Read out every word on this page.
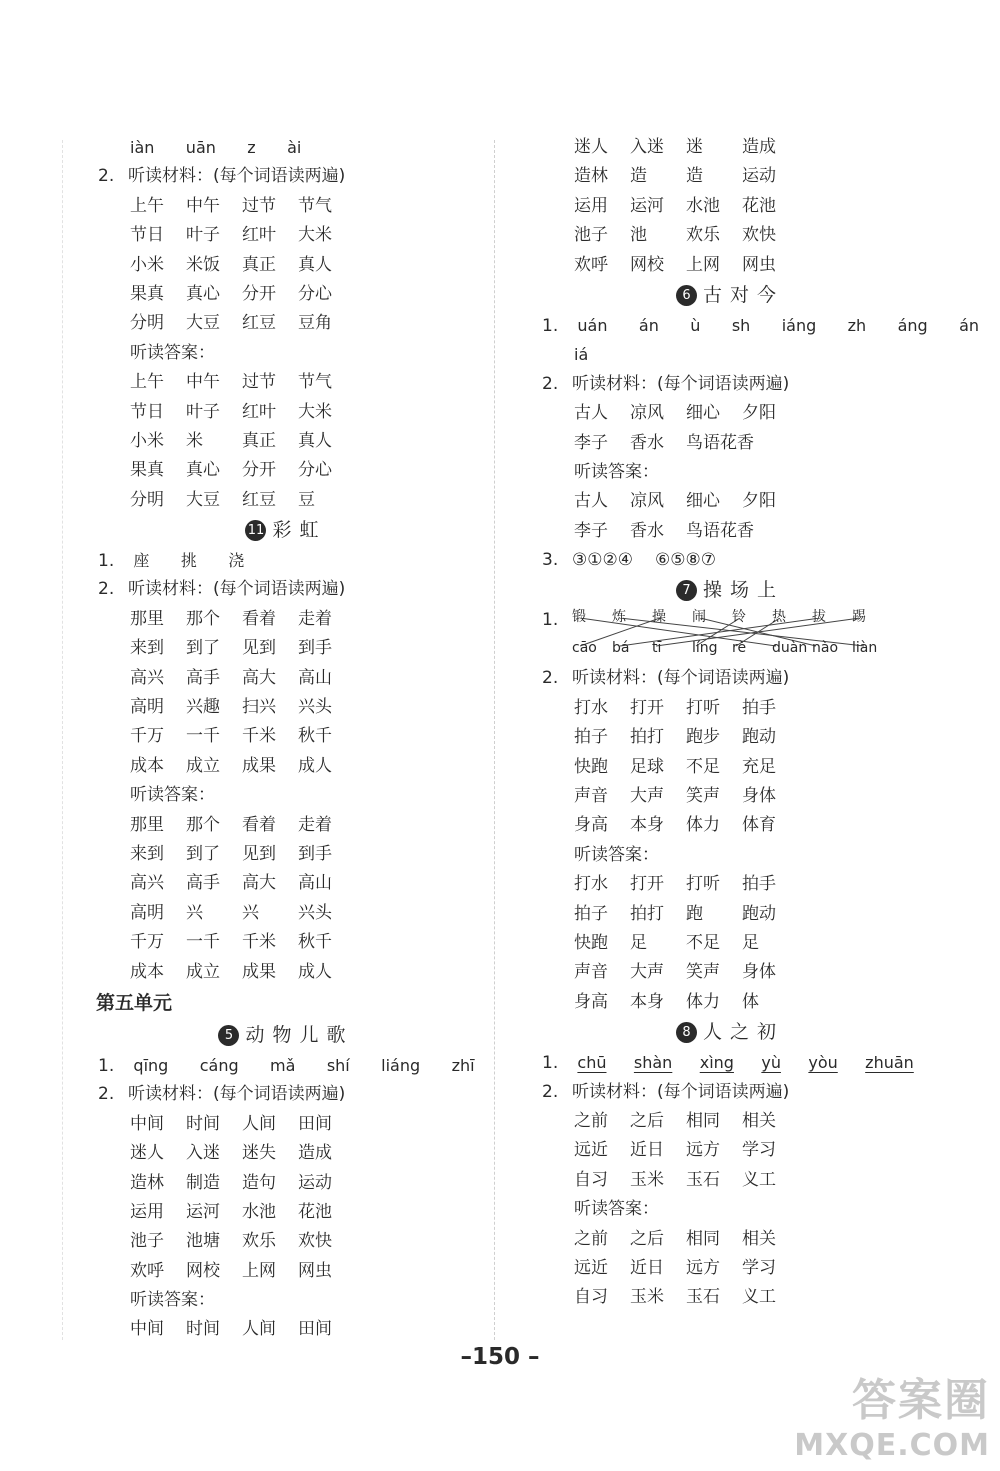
iàn uān z ài
2. 听读材料：(每个词语读两遍)
上午 中午 过节 节气
节日 叶子 红叶 大米
小米 米饭 真正 真人
果真 真心 分开 分心
分明 大豆 红豆 豆角
听读答案：
上午 中午 过节 节气
节日 叶子 红叶 大米
小米 米 真正 真人
果真 真心 分开 分心
分明 大豆 红豆 豆
11 彩虹
1. 座 挑 浇
2. 听读材料：(每个词语读两遍)
那里 那个 看着 走着
来到 到了 见到 到手
高兴 高手 高大 高山
高明 兴趣 扫兴 兴头
千万 一千 千米 秋千
成本 成立 成果 成人
听读答案：
那里 那个 看着 走着
来到 到了 见到 到手
高兴 高手 高大 高山
高明 兴 兴 兴头
千万 一千 千米 秋千
成本 成立 成果 成人
第五单元
5 动物儿歌
1. qīng cáng mǎ shí liáng zhī
2. 听读材料：(每个词语读两遍)
中间 时间 人间 田间
迷人 入迷 迷失 造成
造林 制造 造句 运动
运用 运河 水池 花池
池子 池塘 欢乐 欢快
欢呼 网校 上网 网虫
听读答案：
中间 时间 人间 田间
迷人 入迷 迷 造成
造林 造 造 运动
运用 运河 水池 花池
池子 池 欢乐 欢快
欢呼 网校 上网 网虫
6 古对今
1. uán án ù sh iáng zh áng án
iá
2. 听读材料：(每个词语读两遍)
古人 凉风 细心 夕阳
李子 香水 鸟语花香
听读答案：
古人 凉风 细心 夕阳
李子 香水 鸟语花香
3. ③①②④ ⑥⑤⑧⑦
7 操场上
1. 锻 炼 操 闹 铃 热 拔 踢
cāo bá tī líng rè duàn nào liàn
2. 听读材料：(每个词语读两遍)
打水 打开 打听 拍手
拍子 拍打 跑步 跑动
快跑 足球 不足 充足
声音 大声 笑声 身体
身高 本身 体力 体育
听读答案：
打水 打开 打听 拍手
拍子 拍打 跑 跑动
快跑 足 不足 足
声音 大声 笑声 身体
身高 本身 体力 体
8 人之初
1. chū shàn xìng yù yòu zhuān
2. 听读材料：(每个词语读两遍)
之前 之后 相同 相关
远近 近日 远方 学习
自习 玉米 玉石 义工
听读答案：
之前 之后 相同 相关
远近 近日 远方 学习
自习 玉米 玉石 义工
–150 –
答案圈
MXQE.COM
